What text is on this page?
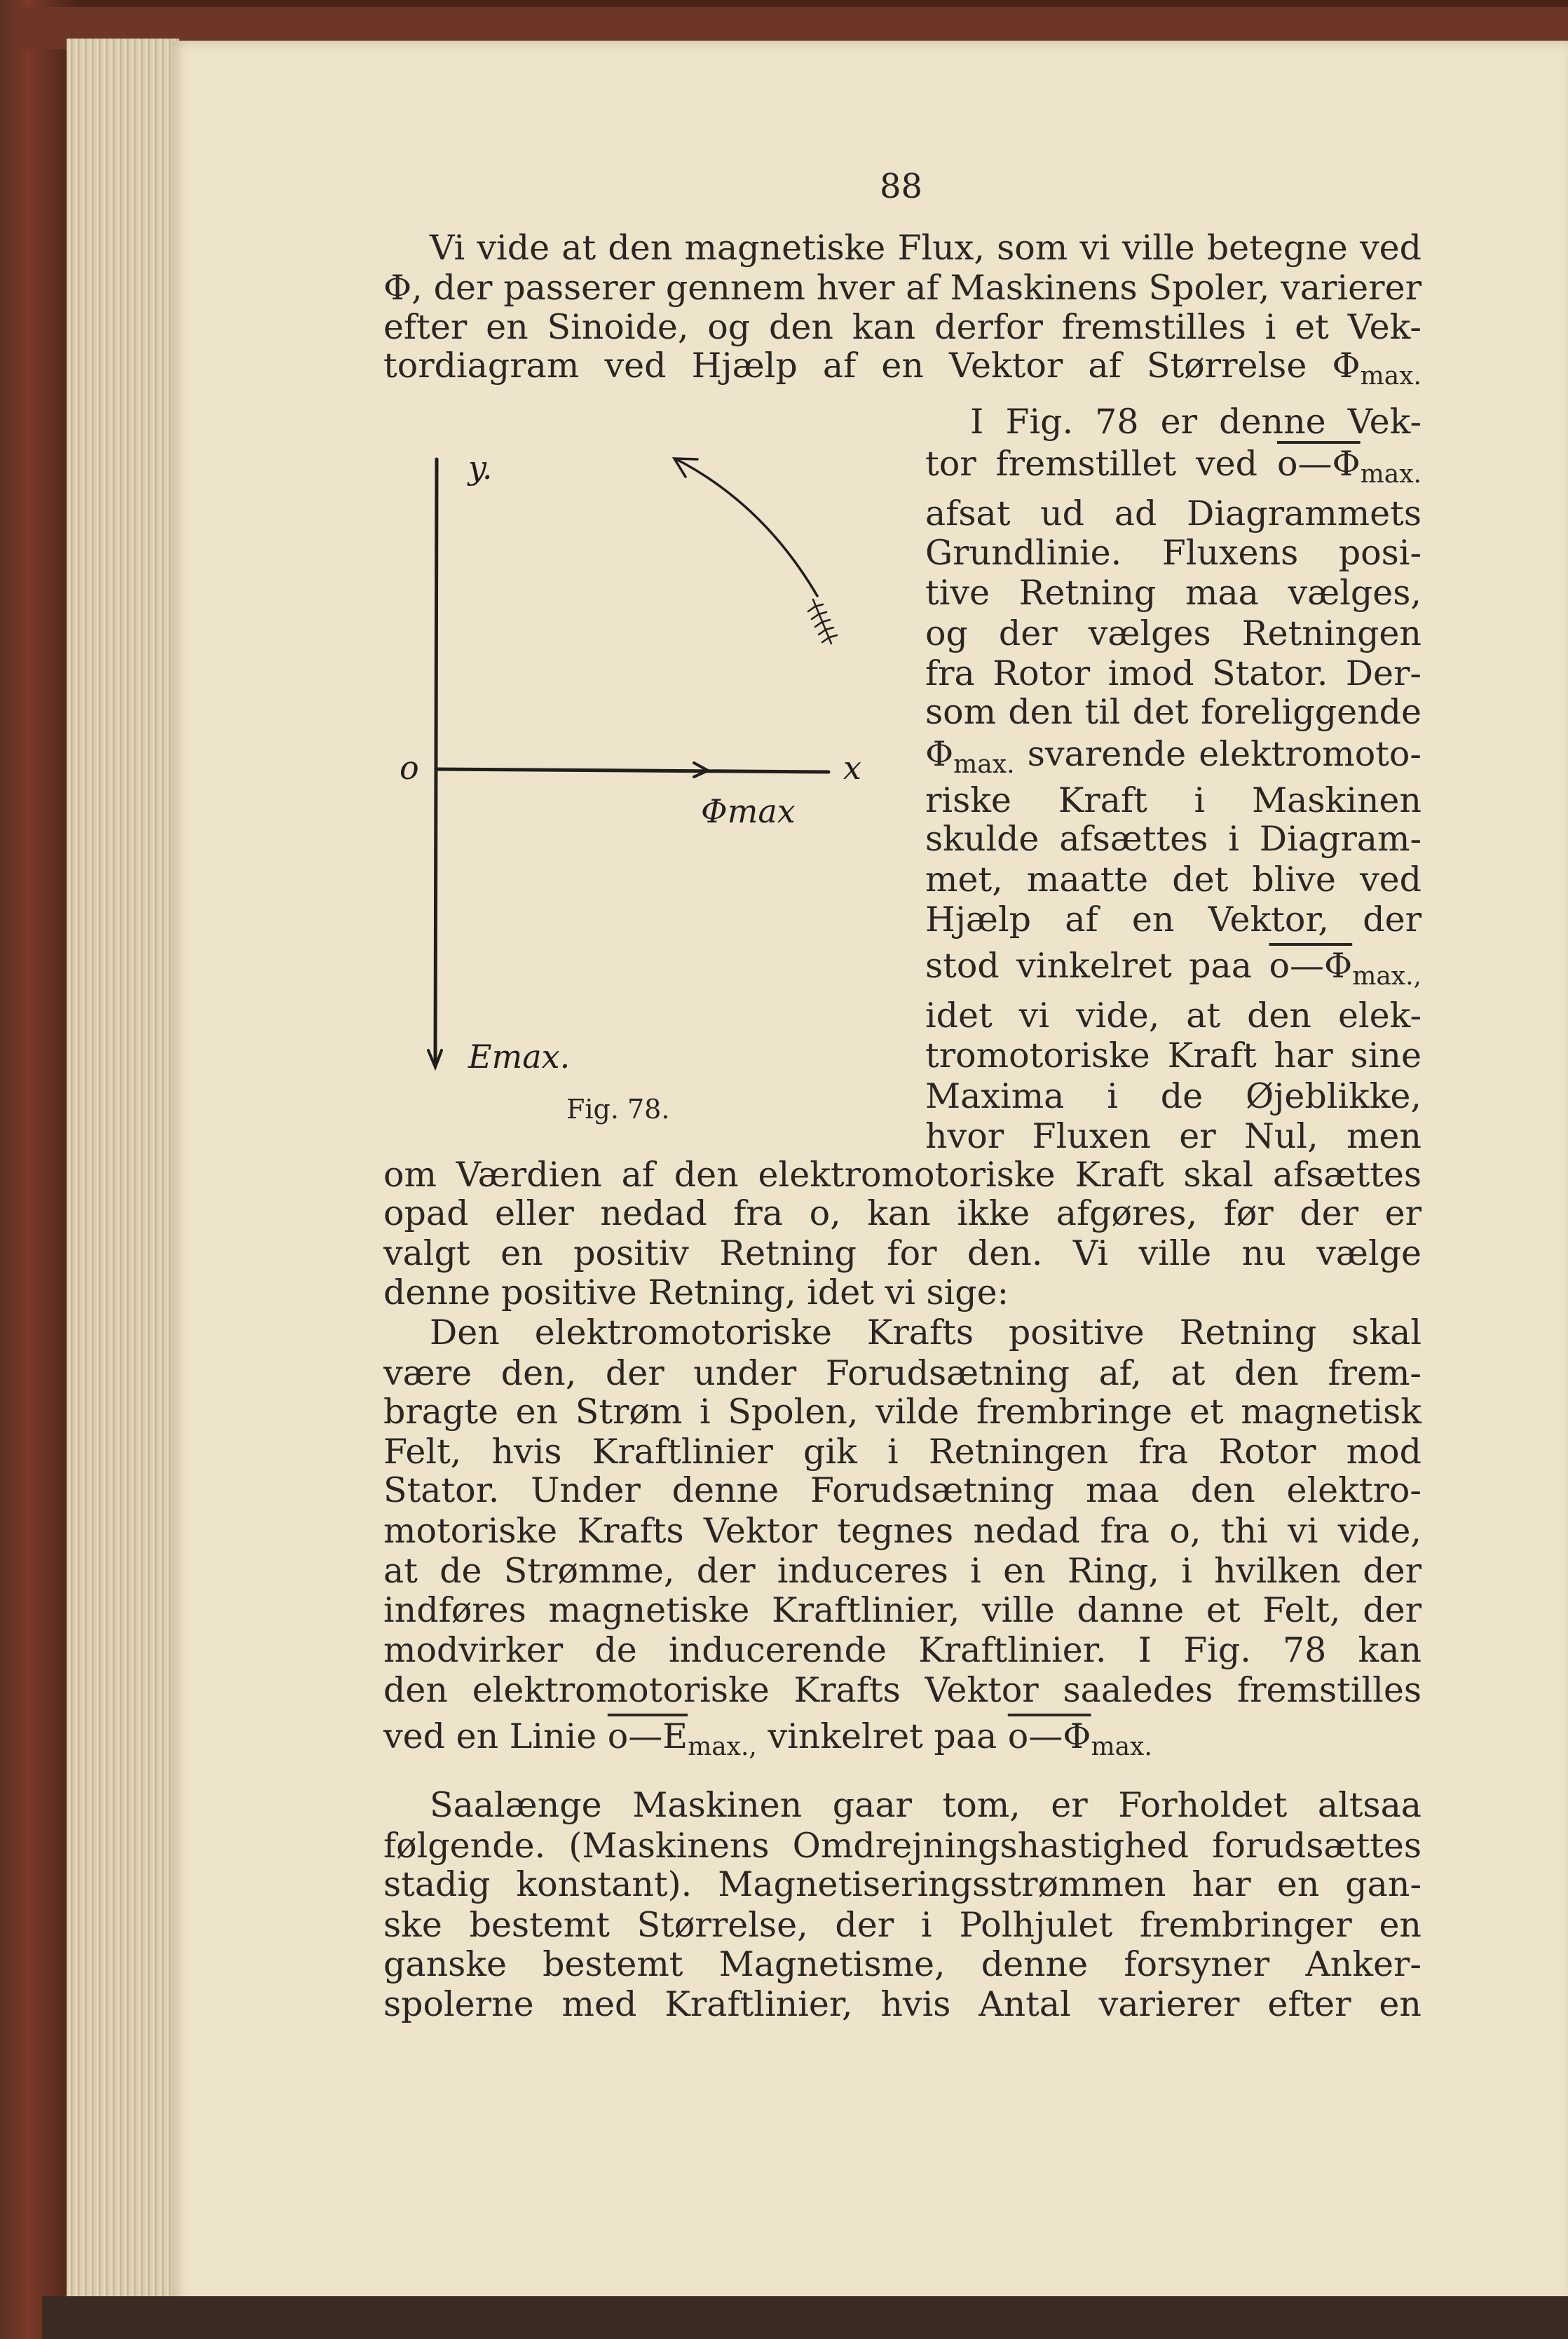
88
Vi vide at den magnetiske Flux, som vi ville betegne ved
Φ, der passerer gennem hver af Maskinens Spoler, varierer
efter en Sinoide, og den kan derfor fremstilles i et Vek-
tordiagram ved Hjælp af en Vektor af Størrelse $\Phi_{max.}$
I Fig. 78 er denne Vek-
tor fremstillet ved $o—\Phi_{max.}$
afsat ud ad Diagrammets
Grundlinie. Fluxens posi-
tive Retning maa vælges,
og der vælges Retningen
fra Rotor imod Stator. Der-
som den til det foreliggende
$\Phi_{max.}$ svarende elektromoto-
riske Kraft i Maskinen
skulde afsættes i Diagram-
met, maatte det blive ved
Hjælp af en Vektor, der
stod vinkelret paa $o—\Phi_{max.,}$
idet vi vide, at den elek-
tromotoriske Kraft har sine
Maxima i de Øjeblikke,
hvor Fluxen er Nul, men
om Værdien af den elektromotoriske Kraft skal afsættes
opad eller nedad fra o, kan ikke afgøres, før der er
valgt en positiv Retning for den. Vi ville nu vælge
denne positive Retning, idet vi sige:
Den elektromotoriske Krafts positive Retning skal
være den, der under Forudsætning af, at den frem-
bragte en Strøm i Spolen, vilde frembringe et magnetisk
Felt, hvis Kraftlinier gik i Retningen fra Rotor mod
Stator. Under denne Forudsætning maa den elektro-
motoriske Krafts Vektor tegnes nedad fra o, thi vi vide,
at de Strømme, der induceres i en Ring, i hvilken der
indføres magnetiske Kraftlinier, ville danne et Felt, der
modvirker de inducerende Kraftlinier. I Fig. 78 kan
den elektromotoriske Krafts Vektor saaledes fremstilles
ved en Linie $o—E_{max.,}$ vinkelret paa $o—\Phi_{max.}$
Saalænge Maskinen gaar tom, er Forholdet altsaa
følgende. (Maskinens Omdrejningshastighed forudsættes
stadig konstant). Magnetiseringsstrømmen har en gan-
ske bestemt Størrelse, der i Polhjulet frembringer en
ganske bestemt Magnetisme, denne forsyner Anker-
spolerne med Kraftlinier, hvis Antal varierer efter en
y.
o	x
Φmax
Emax.
Fig. 78.
